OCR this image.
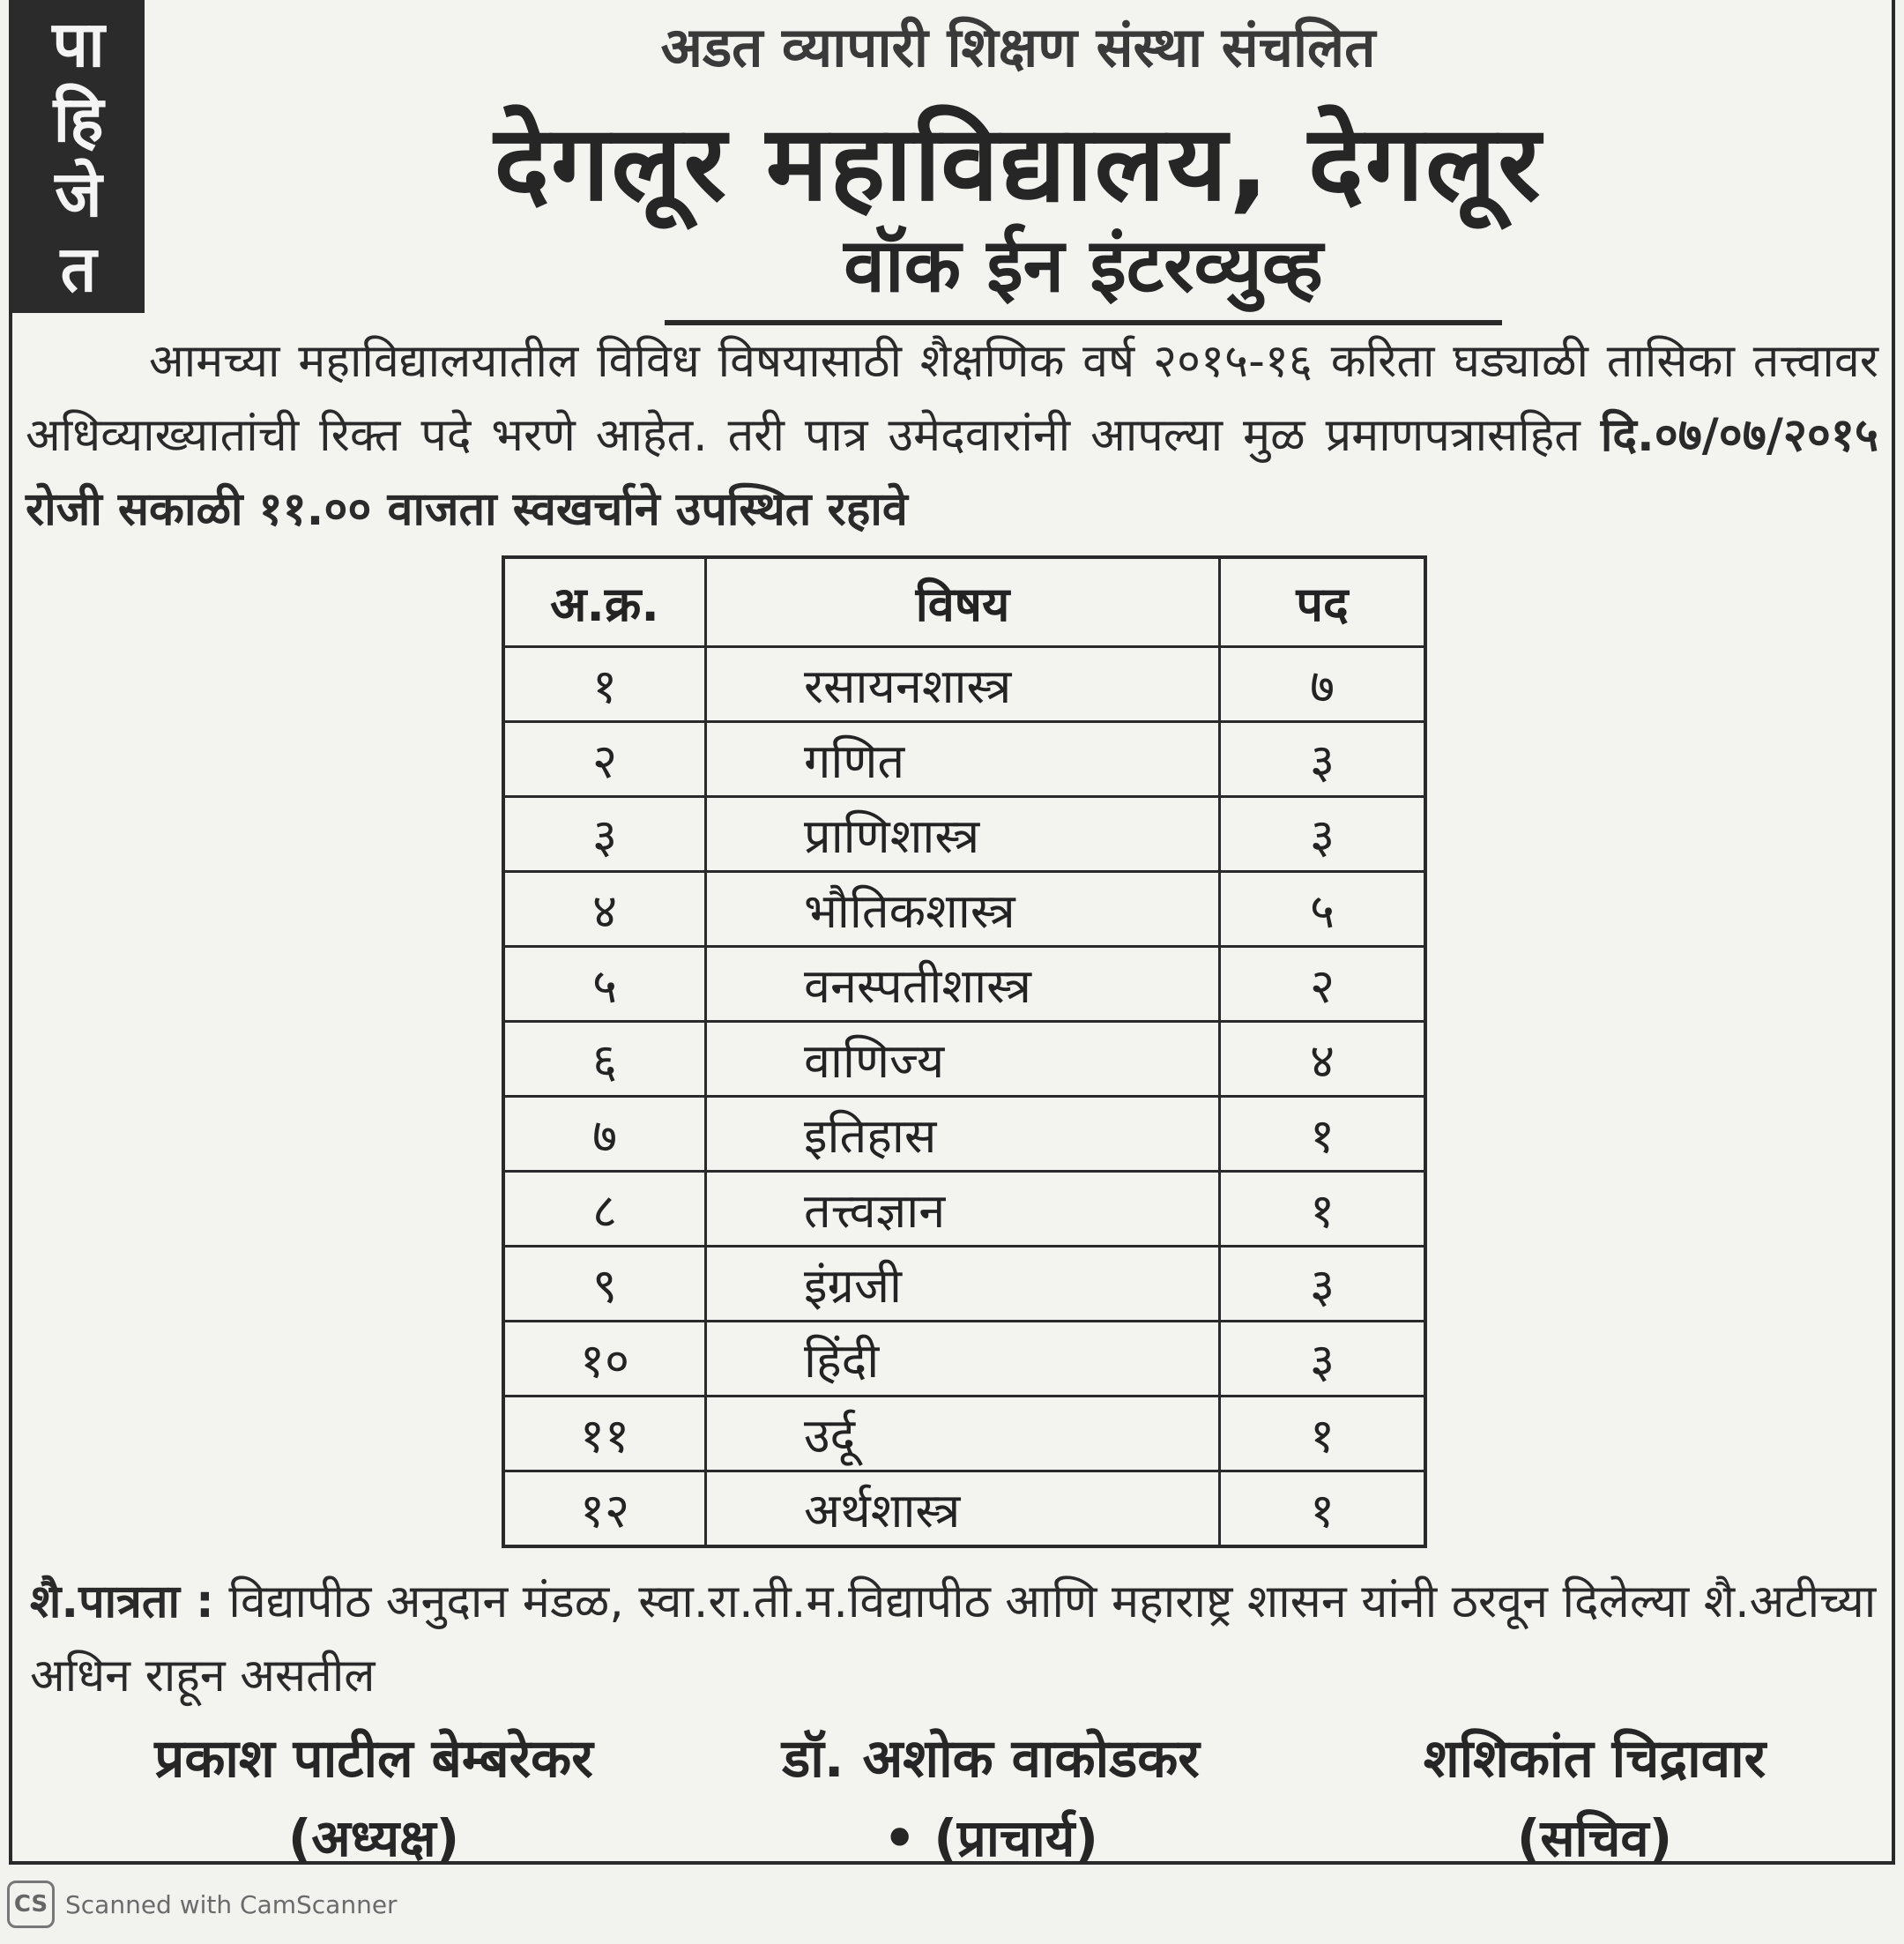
पा
हि
जे
त
अडत व्यापारी शिक्षण संस्था संचलित
देगलूर महाविद्यालय, देगलूर
वॉक ईन इंटरव्युव्ह
आमच्या महाविद्यालयातील विविध विषयासाठी शैक्षणिक वर्ष २०१५-१६ करिता घड्याळी तासिका तत्त्वावर अधिव्याख्यातांची रिक्त पदे भरणे आहेत. तरी पात्र उमेदवारांनी आपल्या मुळ प्रमाणपत्रासहित दि.०७/०७/२०१५ रोजी सकाळी ११.०० वाजता स्वखर्चाने उपस्थित रहावे
अ.क्र.	विषय	पद
१	रसायनशास्त्र	७
२	गणित	३
३	प्राणिशास्त्र	३
४	भौतिकशास्त्र	५
५	वनस्पतीशास्त्र	२
६	वाणिज्य	४
७	इतिहास	१
८	तत्त्वज्ञान	१
९	इंग्रजी	३
१०	हिंदी	३
११	उर्दू	१
१२	अर्थशास्त्र	१
शै.पात्रता : विद्यापीठ अनुदान मंडळ, स्वा.रा.ती.म.विद्यापीठ आणि महाराष्ट्र शासन यांनी ठरवून दिलेल्या शै.अटीच्या अधिन राहून असतील
प्रकाश पाटील बेम्बरेकर
(अध्यक्ष)
डॉ. अशोक वाकोडकर
• (प्राचार्य)
शशिकांत चिद्रावार
(सचिव)
CS Scanned with CamScanner
